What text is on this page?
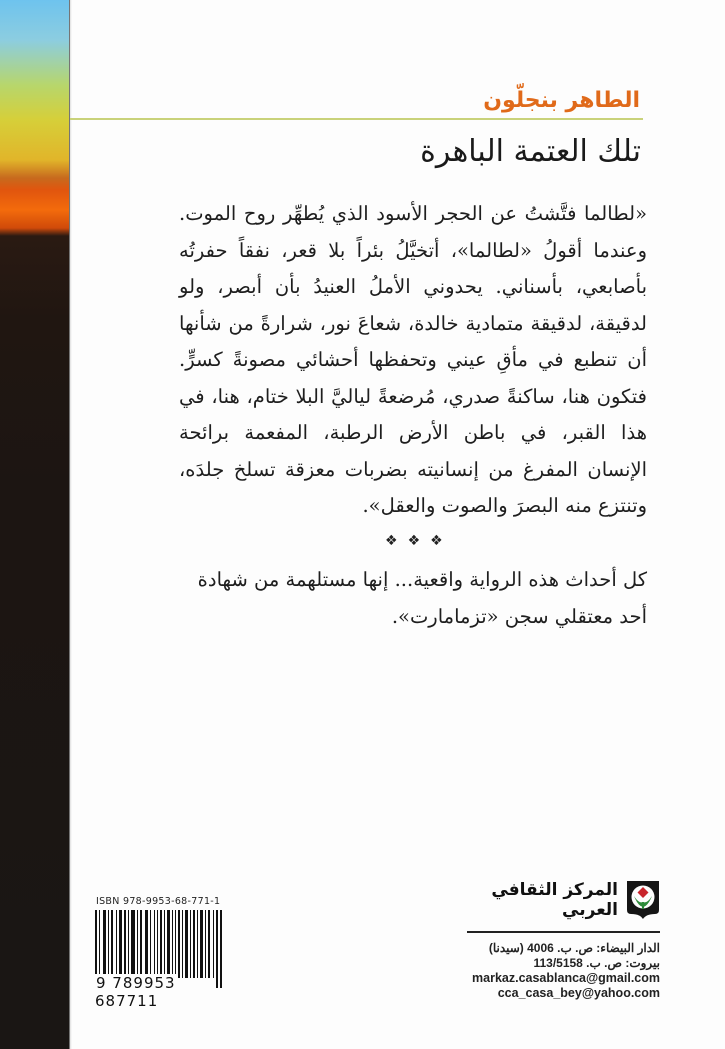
الطاهر بنجلّون
تلك العتمة الباهرة

«لطالما فتَّشتُ عن الحجر الأسود الذي يُطهِّر روح الموت. وعندما أقولُ «لطالما»، أتخيَّلُ بئراً بلا قعر، نفقاً حفرتُه بأصابعي، بأسناني. يحدوني الأملُ العنيدُ بأن أبصر، ولو لدقيقة، لدقيقة متمادية خالدة، شعاعَ نور، شرارةً من شأنها أن تنطبع في مأقِ عيني وتحفظها أحشائي مصونةً كسرٍّ. فتكون هنا، ساكنةً صدري، مُرضعةً لياليَّ البلا ختام، هنا، في هذا القبر، في باطن الأرض الرطبة، المفعمة برائحة الإنسان المفرغ من إنسانيته بضربات معزقة تسلخ جلدَه، وتنتزع منه البصرَ والصوت والعقل».

❖ ❖ ❖
كل أحداث هذه الرواية واقعية... إنها مستلهمة من شهادة أحد معتقلي سجن «تزمامارت».
ISBN 978-9953-68-771-1
9 789953 687711
المركز الثقافي العربي
الدار البيضاء: ص. ب. 4006 (سيدنا)
بيروت: ص. ب. 113/5158
markaz.casablanca@gmail.com
cca_casa_bey@yahoo.com
